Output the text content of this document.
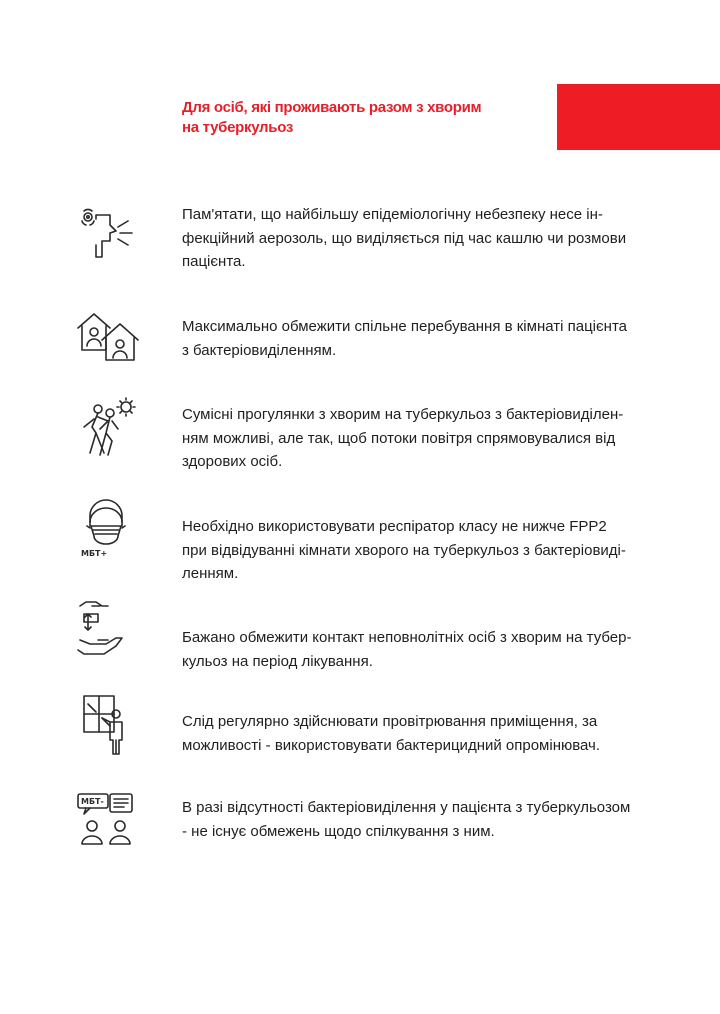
Для осіб, які проживають разом з хворим
на туберкульоз
Пам'ятати, що найбільшу епідеміологічну небезпеку несе ін-
фекційний аерозоль, що виділяється під час кашлю чи розмови
пацієнта.
Максимально обмежити спільне перебування в кімнаті пацієнта
з бактеріовиділенням.
Сумісні прогулянки з хворим на туберкульоз з бактеріовиділен-
ням можливі, але так, щоб потоки повітря спрямовувалися від
здорових осіб.
МБТ+
Необхідно використовувати респіратор класу не нижче FPP2
при відвідуванні кімнати хворого на туберкульоз з бактеріовиді-
ленням.
Бажано обмежити контакт неповнолітніх осіб з хворим на тубер-
кульоз на період лікування.
Слід регулярно здійснювати провітрювання приміщення, за
можливості - використовувати бактерицидний опромінювач.
МБТ-	В разі відсутності бактеріовиділення у пацієнта з туберкульозом
- не існує обмежень щодо спілкування з ним.
